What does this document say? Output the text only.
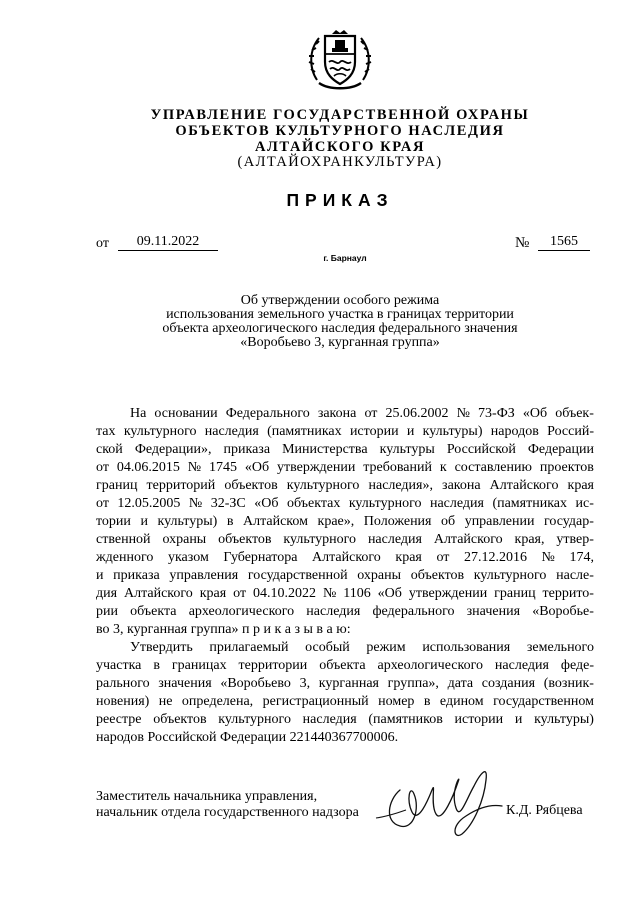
УПРАВЛЕНИЕ ГОСУДАРСТВЕННОЙ ОХРАНЫ
ОБЪЕКТОВ КУЛЬТУРНОГО НАСЛЕДИЯ
АЛТАЙСКОГО КРАЯ
(АЛТАЙОХРАНКУЛЬТУРА)
ПРИКАЗ
от	09.11.2022	№	1565
г. Барнаул
Об утверждении особого режима
использования земельного участка в границах территории
объекта археологического наследия федерального значения
«Воробьево 3, курганная группа»
На основании Федерального закона от 25.06.2002 № 73-ФЗ «Об объек-
тах культурного наследия (памятниках истории и культуры) народов Россий-
ской Федерации», приказа Министерства культуры Российской Федерации
от 04.06.2015 № 1745 «Об утверждении требований к составлению проектов
границ территорий объектов культурного наследия», закона Алтайского края
от 12.05.2005 № 32-ЗС «Об объектах культурного наследия (памятниках ис-
тории и культуры) в Алтайском крае», Положения об управлении государ-
ственной охраны объектов культурного наследия Алтайского края, утвер-
жденного указом Губернатора Алтайского края от 27.12.2016 № 174,
и приказа управления государственной охраны объектов культурного насле-
дия Алтайского края от 04.10.2022 № 1106 «Об утверждении границ террито-
рии объекта археологического наследия федерального значения «Воробье-
во 3, курганная группа» п р и к а з ы в а ю:
Утвердить прилагаемый особый режим использования земельного
участка в границах территории объекта археологического наследия феде-
рального значения «Воробьево 3, курганная группа», дата создания (возник-
новения) не определена, регистрационный номер в едином государственном
реестре объектов культурного наследия (памятников истории и культуры)
народов Российской Федерации 221440367700006.
Заместитель начальника управления,
начальник отдела государственного надзора	К.Д. Рябцева
